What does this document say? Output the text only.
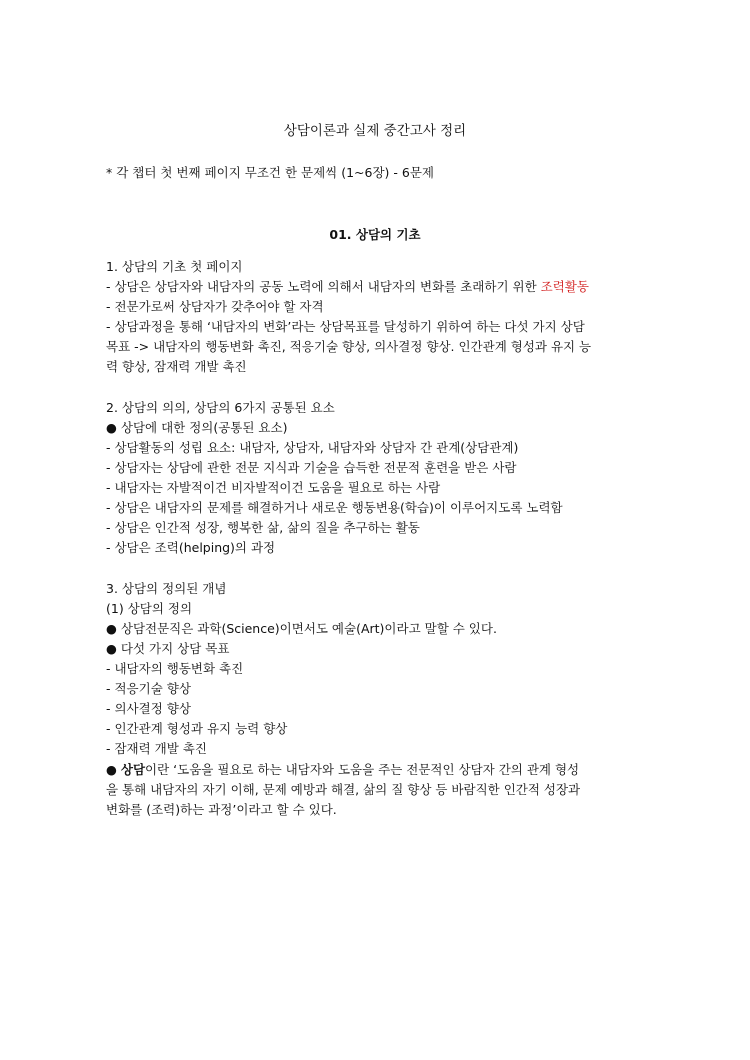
상담이론과 실제 중간고사 정리
* 각 챕터 첫 번째 페이지 무조건 한 문제씩 (1~6장) - 6문제
01. 상담의 기초
1. 상담의 기초 첫 페이지
- 상담은 상담자와 내담자의 공동 노력에 의해서 내담자의 변화를 초래하기 위한 조력활동
- 전문가로써 상담자가 갖추어야 할 자격
- 상담과정을 통해 ‘내담자의 변화’라는 상담목표를 달성하기 위하여 하는 다섯 가지 상담
목표 -> 내담자의 행동변화 촉진, 적응기술 향상, 의사결정 향상. 인간관계 형성과 유지 능
력 향상, 잠재력 개발 촉진
2. 상담의 의의, 상담의 6가지 공통된 요소
● 상담에 대한 정의(공통된 요소)
- 상담활동의 성립 요소: 내담자, 상담자, 내담자와 상담자 간 관계(상담관계)
- 상담자는 상담에 관한 전문 지식과 기술을 습득한 전문적 훈련을 받은 사람
- 내담자는 자발적이건 비자발적이건 도움을 필요로 하는 사람
- 상담은 내담자의 문제를 해결하거나 새로운 행동변용(학습)이 이루어지도록 노력함
- 상담은 인간적 성장, 행복한 삶, 삶의 질을 추구하는 활동
- 상담은 조력(helping)의 과정
3. 상담의 정의된 개념
(1) 상담의 정의
● 상담전문직은 과학(Science)이면서도 예술(Art)이라고 말할 수 있다.
● 다섯 가지 상담 목표
- 내담자의 행동변화 촉진
- 적응기술 향상
- 의사결정 향상
- 인간관계 형성과 유지 능력 향상
- 잠재력 개발 촉진
● 상담이란 ‘도움을 필요로 하는 내담자와 도움을 주는 전문적인 상담자 간의 관계 형성
을 통해 내담자의 자기 이해, 문제 예방과 해결, 삶의 질 향상 등 바람직한 인간적 성장과
변화를 (조력)하는 과정’이라고 할 수 있다.
